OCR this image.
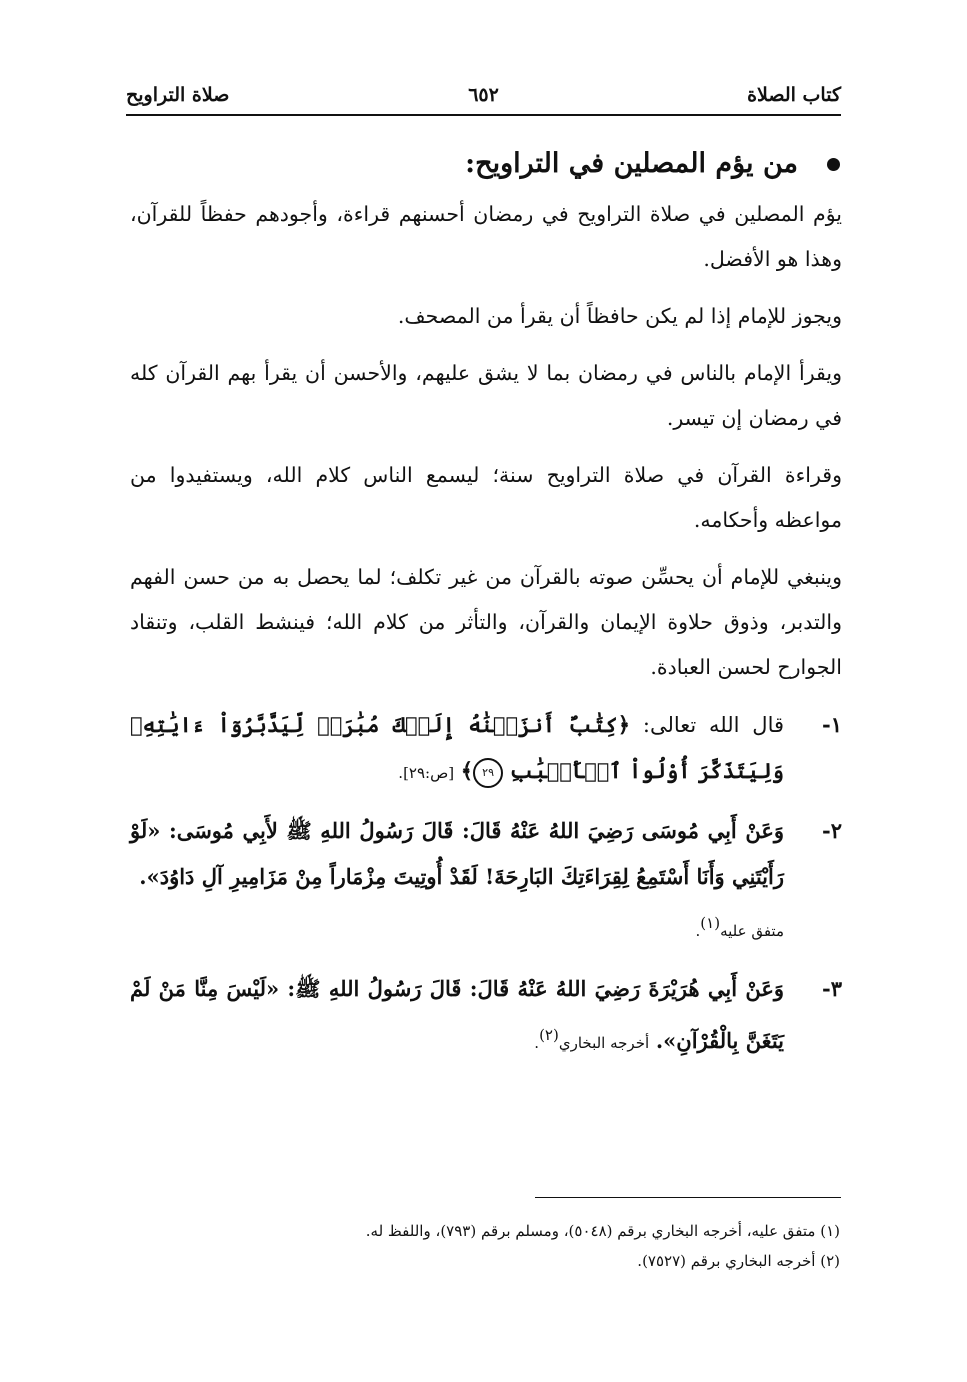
كتاب الصلاة
٦٥٢
صلاة التراويح
من يؤم المصلين في التراويح:

يؤم المصلين في صلاة التراويح في رمضان أحسنهم قراءة، وأجودهم حفظاً للقرآن، وهذا هو الأفضل.

ويجوز للإمام إذا لم يكن حافظاً أن يقرأ من المصحف.

ويقرأ الإمام بالناس في رمضان بما لا يشق عليهم، والأحسن أن يقرأ بهم القرآن كله في رمضان إن تيسر.

وقراءة القرآن في صلاة التراويح سنة؛ ليسمع الناس كلام الله، ويستفيدوا من مواعظه وأحكامه.

وينبغي للإمام أن يحسِّن صوته بالقرآن من غير تكلف؛ لما يحصل به من حسن الفهم والتدبر، وذوق حلاوة الإيمان والقرآن، والتأثر من كلام الله؛ فينشط القلب، وتنقاد الجوارح لحسن العبادة.

١-
قال الله تعالى: ﴿كِتَٰبٌ أَنزَلۡنَٰهُ إِلَيۡكَ مُبَٰرَكٞ لِّيَدَّبَّرُوٓاْ ءَايَٰتِهِۦ وَلِيَتَذَكَّرَ أُوْلُواْ ٱلۡأَلۡبَٰبِ ٢٩﴾ [ص:٢٩].
٢-
وَعَنْ أَبِي مُوسَى رَضِيَ اللهُ عَنْهُ قَالَ: قَالَ رَسُولُ اللهِ ﷺ لأَبِي مُوسَى: «لَوْ رَأَيْتَنِي وَأَنَا أَسْتَمِعُ لِقِرَاءَتِكَ البَارِحَةَ! لَقَدْ أُوتِيتَ مِزْمَاراً مِنْ مَزَامِيرِ آلِ دَاوُدَ».
متفق عليه$^{(١)}$.
٣-
وَعَنْ أَبِي هُرَيْرَةَ رَضِيَ اللهُ عَنْهُ قَالَ: قَالَ رَسُولُ اللهِ ﷺ: «لَيْسَ مِنَّا مَنْ لَمْ يَتَغَنَّ بِالْقُرْآنِ». أخرجه البخاري$^{(٢)}$.

(١) متفق عليه، أخرجه البخاري برقم (٥٠٤٨)، ومسلم برقم (٧٩٣)، واللفظ له.

(٢) أخرجه البخاري برقم (٧٥٢٧).
